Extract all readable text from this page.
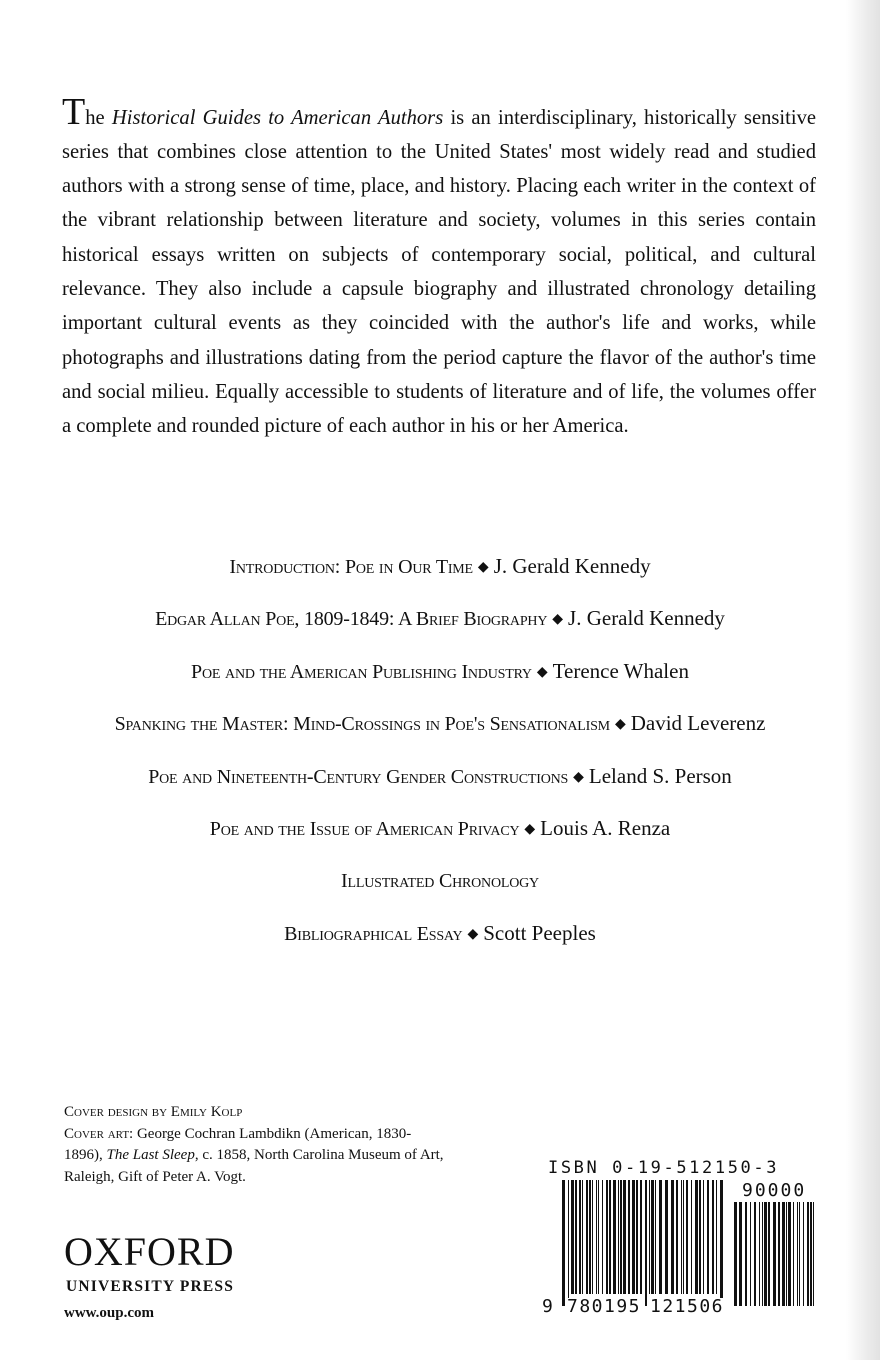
The Historical Guides to American Authors is an interdisciplinary, historically sensitive series that combines close attention to the United States' most widely read and studied authors with a strong sense of time, place, and history. Placing each writer in the context of the vibrant relationship between literature and society, volumes in this series contain historical essays written on subjects of contemporary social, political, and cultural relevance. They also include a capsule biography and illustrated chronology detailing important cultural events as they coincided with the author's life and works, while photographs and illustrations dating from the period capture the flavor of the author's time and social milieu. Equally accessible to students of literature and of life, the volumes offer a complete and rounded picture of each author in his or her America.

Introduction: Poe in Our Time ◆ J. Gerald Kennedy
Edgar Allan Poe, 1809-1849: A Brief Biography ◆ J. Gerald Kennedy
Poe and the American Publishing Industry ◆ Terence Whalen
Spanking the Master: Mind-Crossings in Poe's Sensationalism ◆ David Leverenz
Poe and Nineteenth-Century Gender Constructions ◆ Leland S. Person
Poe and the Issue of American Privacy ◆ Louis A. Renza
Illustrated Chronology
Bibliographical Essay ◆ Scott Peeples
Cover design by Emily Kolp
Cover art: George Cochran Lambdikn (American, 1830-1896), The Last Sleep, c. 1858, North Carolina Museum of Art, Raleigh, Gift of Peter A. Vogt.
OXFORD
UNIVERSITY PRESS
www.oup.com
ISBN 0-19-512150-3
9 780195 121506
90000
